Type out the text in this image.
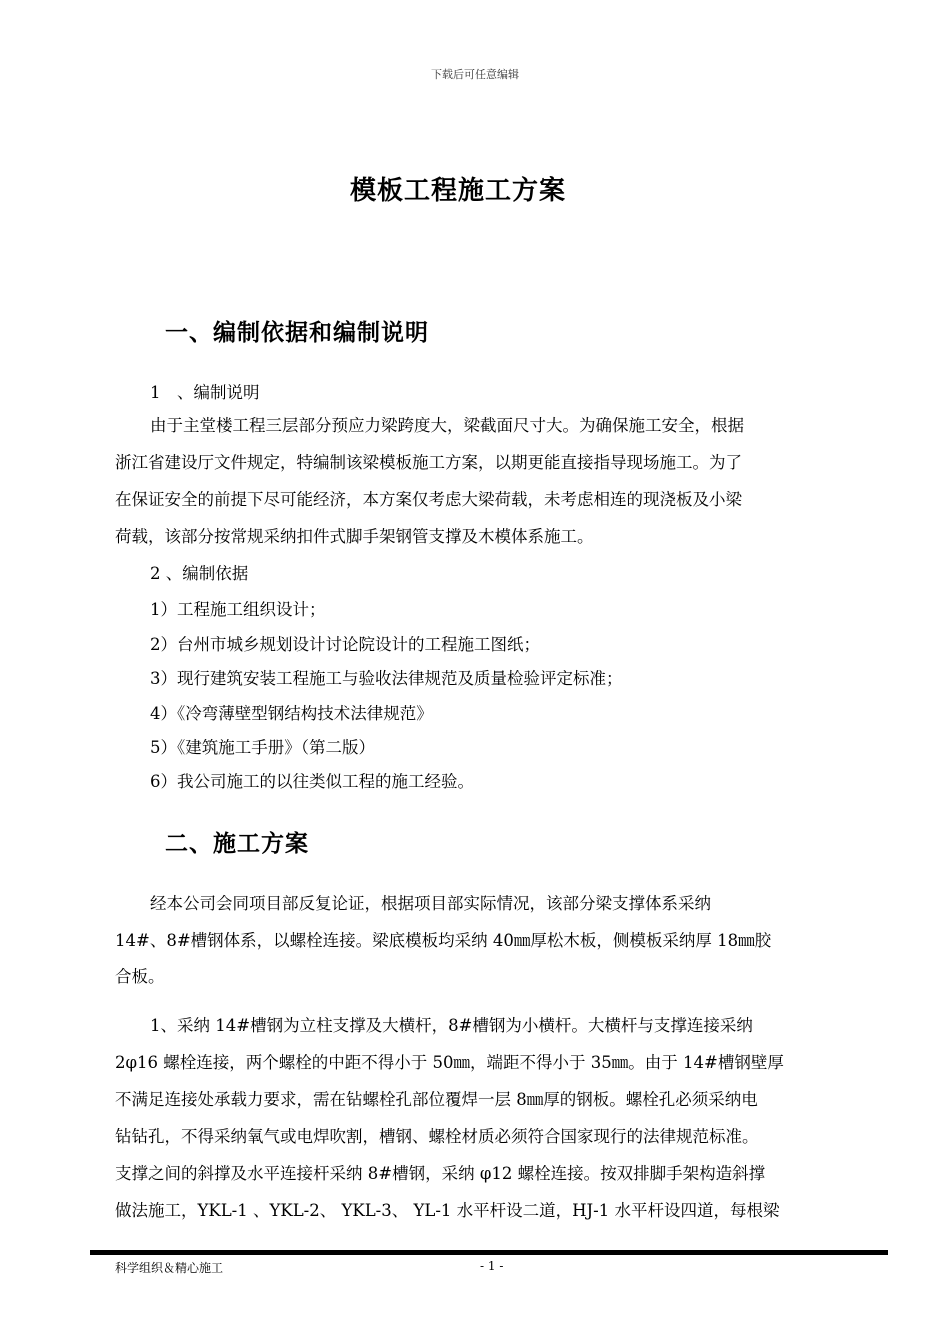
下载后可任意编辑
模板工程施工方案
一、编制依据和编制说明
1　、编制说明
由于主堂楼工程三层部分预应力梁跨度大，梁截面尺寸大。为确保施工安全，根据
浙江省建设厅文件规定，特编制该梁模板施工方案，以期更能直接指导现场施工。为了
在保证安全的前提下尽可能经济，本方案仅考虑大梁荷载，未考虑相连的现浇板及小梁
荷载，该部分按常规采纳扣件式脚手架钢管支撑及木模体系施工。
2 、编制依据
1）工程施工组织设计；
2）台州市城乡规划设计讨论院设计的工程施工图纸；
3）现行建筑安装工程施工与验收法律规范及质量检验评定标准；
4）《冷弯薄壁型钢结构技术法律规范》
5）《建筑施工手册》（第二版）
6）我公司施工的以往类似工程的施工经验。
二、施工方案
经本公司会同项目部反复论证，根据项目部实际情况，该部分梁支撑体系采纳
14#、8#槽钢体系，以螺栓连接。梁底模板均采纳 40㎜厚松木板，侧模板采纳厚 18㎜胶
合板。
1、采纳 14#槽钢为立柱支撑及大横杆，8#槽钢为小横杆。大横杆与支撑连接采纳
2φ16 螺栓连接，两个螺栓的中距不得小于 50㎜，端距不得小于 35㎜。由于 14#槽钢壁厚
不满足连接处承载力要求，需在钻螺栓孔部位覆焊一层 8㎜厚的钢板。螺栓孔必须采纳电
钻钻孔，不得采纳氧气或电焊吹割，槽钢、螺栓材质必须符合国家现行的法律规范标准。
支撑之间的斜撑及水平连接杆采纳 8#槽钢，采纳 φ12 螺栓连接。按双排脚手架构造斜撑
做法施工，YKL-1 、YKL-2、 YKL-3、 YL-1 水平杆设二道，HJ-1 水平杆设四道，每根梁
科学组织＆精心施工	- 1 -
